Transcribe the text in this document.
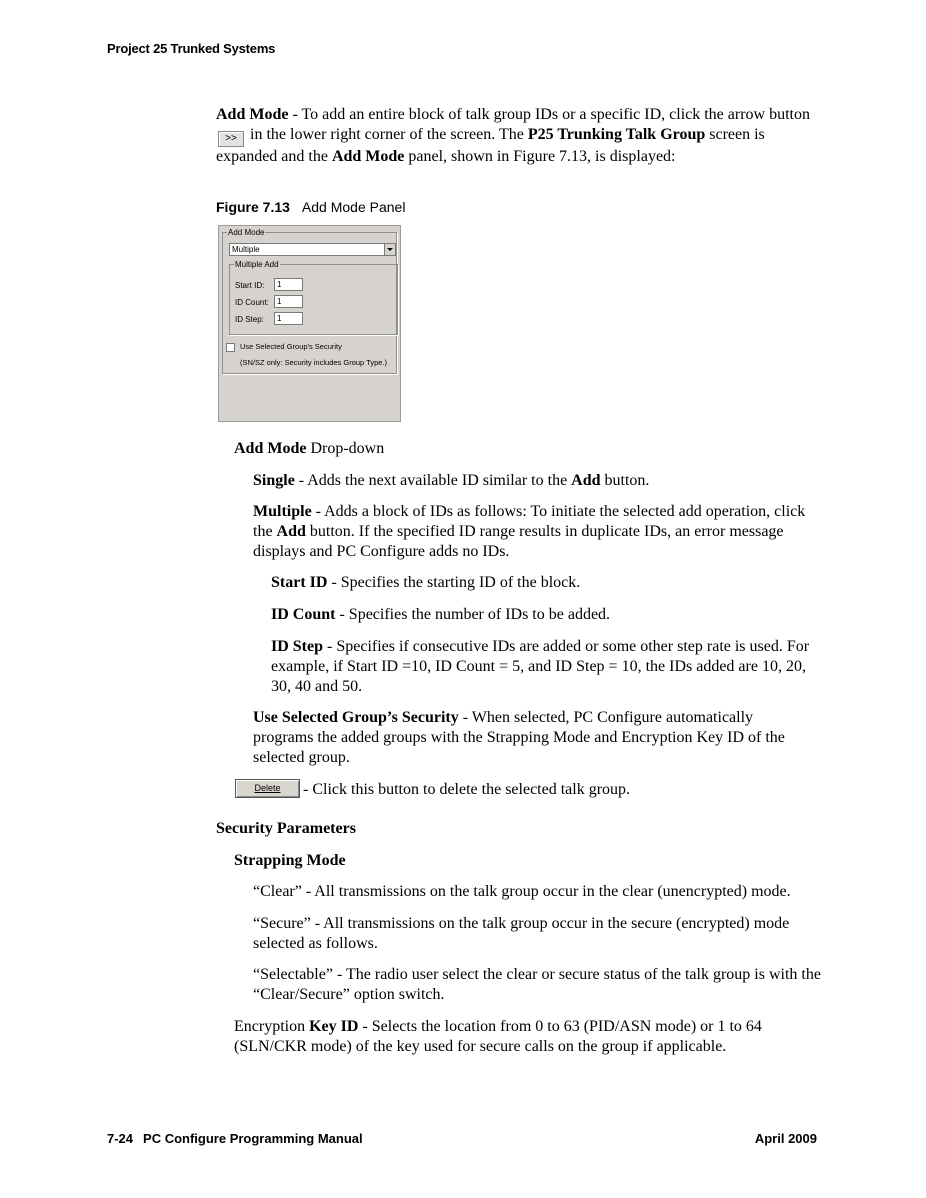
Project 25 Trunked Systems

Add Mode - To add an entire block of talk group IDs or a specific ID, click the arrow button >> in the lower right corner of the screen. The P25 Trunking Talk Group screen is expanded and the Add Mode panel, shown in Figure 7.13, is displayed:

Figure 7.13 Add Mode Panel
Add Mode
Multiple
Multiple Add
Start ID:	1
ID Count:	1
ID Step:	1
Use Selected Group's Security
(SN/SZ only: Security includes Group Type.)

Add Mode Drop-down

Single - Adds the next available ID similar to the Add button.

Multiple - Adds a block of IDs as follows: To initiate the selected add operation, click the Add button. If the specified ID range results in duplicate IDs, an error message displays and PC Configure adds no IDs.

Start ID - Specifies the starting ID of the block.

ID Count - Specifies the number of IDs to be added.

ID Step - Specifies if consecutive IDs are added or some other step rate is used. For example, if Start ID =10, ID Count = 5, and ID Step = 10, the IDs added are 10, 20, 30, 40 and 50.

Use Selected Group’s Security - When selected, PC Configure automatically programs the added groups with the Strapping Mode and Encryption Key ID of the selected group.

Delete	- Click this button to delete the selected talk group.

Security Parameters

Strapping Mode

“Clear” - All transmissions on the talk group occur in the clear (unencrypted) mode.

“Secure” - All transmissions on the talk group occur in the secure (encrypted) mode selected as follows.

“Selectable” - The radio user select the clear or secure status of the talk group is with the “Clear/Secure” option switch.

Encryption Key ID - Selects the location from 0 to 63 (PID/ASN mode) or 1 to 64 (SLN/CKR mode) of the key used for secure calls on the group if applicable.

7-24 PC Configure Programming Manual	April 2009
